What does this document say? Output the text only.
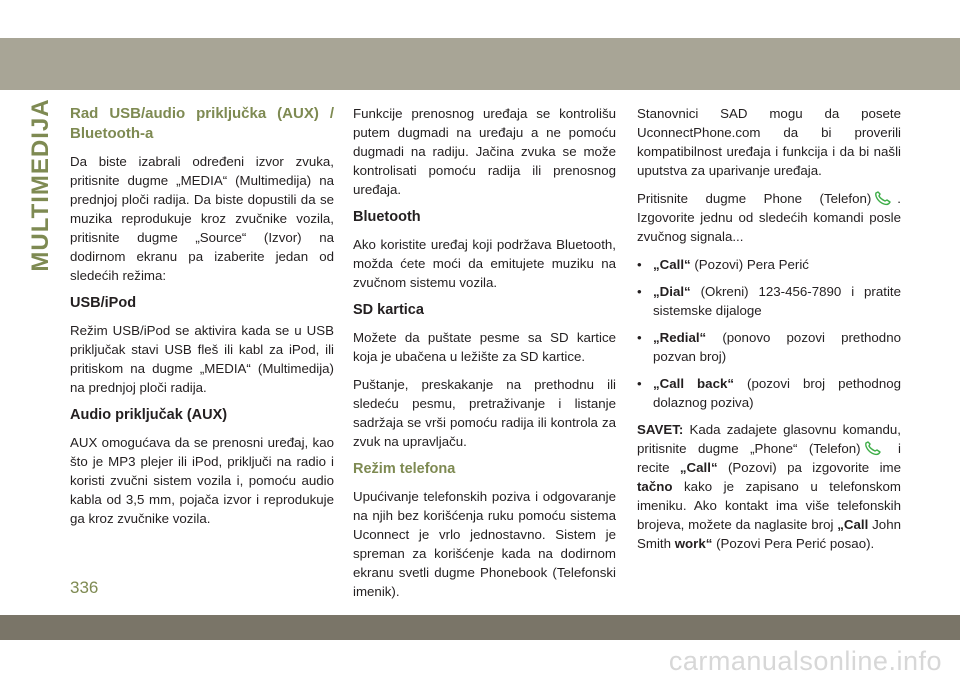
MULTIMEDIJA Rad USB/audio priključka (AUX) / Bluetooth-a

Da biste izabrali određeni izvor zvuka, pritisnite dugme „MEDIA“ (Multimedija) na prednjoj ploči radija. Da biste dopustili da se muzika reprodukuje kroz zvučnike vozila, pritisnite dugme „Source“ (Izvor) na dodirnom ekranu pa izaberite jedan od sledećih režima:

USB/iPod

Režim USB/iPod se aktivira kada se u USB priključak stavi USB fleš ili kabl za iPod, ili pritiskom na dugme „MEDIA“ (Multimedija) na prednjoj ploči radija.

Audio priključak (AUX)

AUX omogućava da se prenosni uređaj, kao što je MP3 plejer ili iPod, priključi na radio i koristi zvučni sistem vozila i, pomoću audio kabla od 3,5 mm, pojača izvor i reprodukuje ga kroz zvučnike vozila.

Funkcije prenosnog uređaja se kontrolišu putem dugmadi na uređaju a ne pomoću dugmadi na radiju. Jačina zvuka se može kontrolisati pomoću radija ili prenosnog uređaja.

Bluetooth

Ako koristite uređaj koji podržava Bluetooth, možda ćete moći da emitujete muziku na zvučnom sistemu vozila.

SD kartica

Možete da puštate pesme sa SD kartice koja je ubačena u ležište za SD kartice.

Puštanje, preskakanje na prethodnu ili sledeću pesmu, pretraživanje i listanje sadržaja se vrši pomoću radija ili kontrola za zvuk na upravljaču.

Režim telefona

Upućivanje telefonskih poziva i odgovaranje na njih bez korišćenja ruku pomoću sistema Uconnect je vrlo jednostavno. Sistem je spreman za korišćenje kada na dodirnom ekranu svetli dugme Phonebook (Telefonski imenik).

Stanovnici SAD mogu da posete UconnectPhone.com da bi proverili kompatibilnost uređaja i funkcija i da bi našli uputstva za uparivanje uređaja.

Pritisnite dugme Phone (Telefon) . Izgovorite jednu od sledećih komandi posle zvučnog signala...

• „Call“ (Pozovi) Pera Perić
• „Dial“ (Okreni) 123-456-7890 i pratite sistemske dijaloge
• „Redial“ (ponovo pozovi prethodno pozvan broj)
• „Call back“ (pozovi broj pethodnog dolaznog poziva)

SAVET: Kada zadajete glasovnu komandu, pritisnite dugme „Phone“ (Telefon) i recite „Call“ (Pozovi) pa izgovorite ime tačno kako je zapisano u telefonskom imeniku. Ako kontakt ima više telefonskih brojeva, možete da naglasite broj „Call John Smith work“ (Pozovi Pera Perić posao).

336
carmanualsonline.info
